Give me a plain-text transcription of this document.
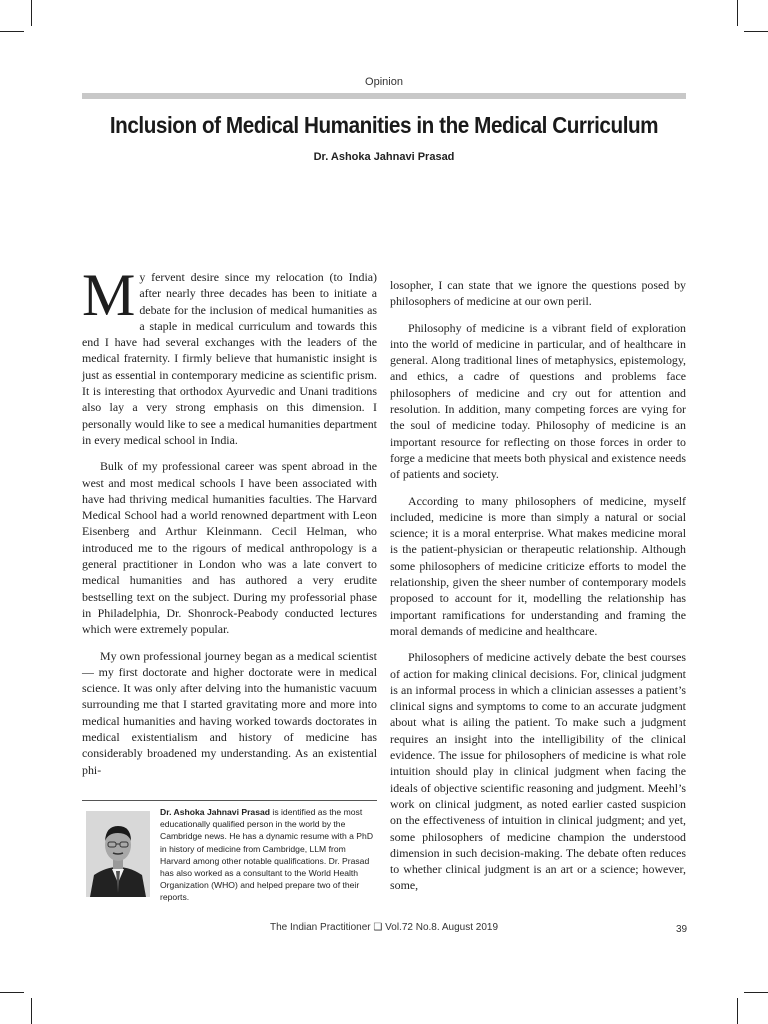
Opinion
Inclusion of Medical Humanities in the Medical Curriculum
Dr. Ashoka Jahnavi Prasad

My fervent desire since my relocation (to India) after nearly three decades has been to initiate a debate for the inclusion of medical humanities as a staple in medical curriculum and towards this end I have had several exchanges with the leaders of the medical fraternity. I firmly believe that humanistic insight is just as essential in contemporary medicine as scientific prism. It is interesting that orthodox Ayurvedic and Unani traditions also lay a very strong emphasis on this dimension. I personally would like to see a medical humanities department in every medical school in India.

Bulk of my professional career was spent abroad in the west and most medical schools I have been associated with have had thriving medical humanities faculties. The Harvard Medical School had a world renowned department with Leon Eisenberg and Arthur Kleinmann. Cecil Helman, who introduced me to the rigours of medical anthropology is a general practitioner in London who was a late convert to medical humanities and has authored a very erudite bestselling text on the subject. During my professorial phase in Philadelphia, Dr. Shonrock-Peabody conducted lectures which were extremely popular.

My own professional journey began as a medical scientist — my first doctorate and higher doctorate were in medical science. It was only after delving into the humanistic vacuum surrounding me that I started gravitating more and more into medical humanities and having worked towards doctorates in medical existentialism and history of medicine has considerably broadened my understanding. As an existential phi-

Dr. Ashoka Jahnavi Prasad is identified as the most educationally qualified person in the world by the Cambridge news. He has a dynamic resume with a PhD in history of medicine from Cambridge, LLM from Harvard among other notable qualifications. Dr. Prasad has also worked as a consultant to the World Health Organization (WHO) and helped prepare two of their reports.

losopher, I can state that we ignore the questions posed by philosophers of medicine at our own peril.

Philosophy of medicine is a vibrant field of exploration into the world of medicine in particular, and of healthcare in general. Along traditional lines of metaphysics, epistemology, and ethics, a cadre of questions and problems face philosophers of medicine and cry out for attention and resolution. In addition, many competing forces are vying for the soul of medicine today. Philosophy of medicine is an important resource for reflecting on those forces in order to forge a medicine that meets both physical and existence needs of patients and society.

According to many philosophers of medicine, myself included, medicine is more than simply a natural or social science; it is a moral enterprise. What makes medicine moral is the patient-physician or therapeutic relationship. Although some philosophers of medicine criticize efforts to model the relationship, given the sheer number of contemporary models proposed to account for it, modelling the relationship has important ramifications for understanding and framing the moral demands of medicine and healthcare.

Philosophers of medicine actively debate the best courses of action for making clinical decisions. For, clinical judgment is an informal process in which a clinician assesses a patient’s clinical signs and symptoms to come to an accurate judgment about what is ailing the patient. To make such a judgment requires an insight into the intelligibility of the clinical evidence. The issue for philosophers of medicine is what role intuition should play in clinical judgment when facing the ideals of objective scientific reasoning and judgment. Meehl’s work on clinical judgment, as noted earlier casted suspicion on the effectiveness of intuition in clinical judgment; and yet, some philosophers of medicine champion the understood dimension in such decision-making. The debate often reduces to whether clinical judgment is an art or a science; however, some,

The Indian Practitioner ❑ Vol.72 No.8. August 2019	39
